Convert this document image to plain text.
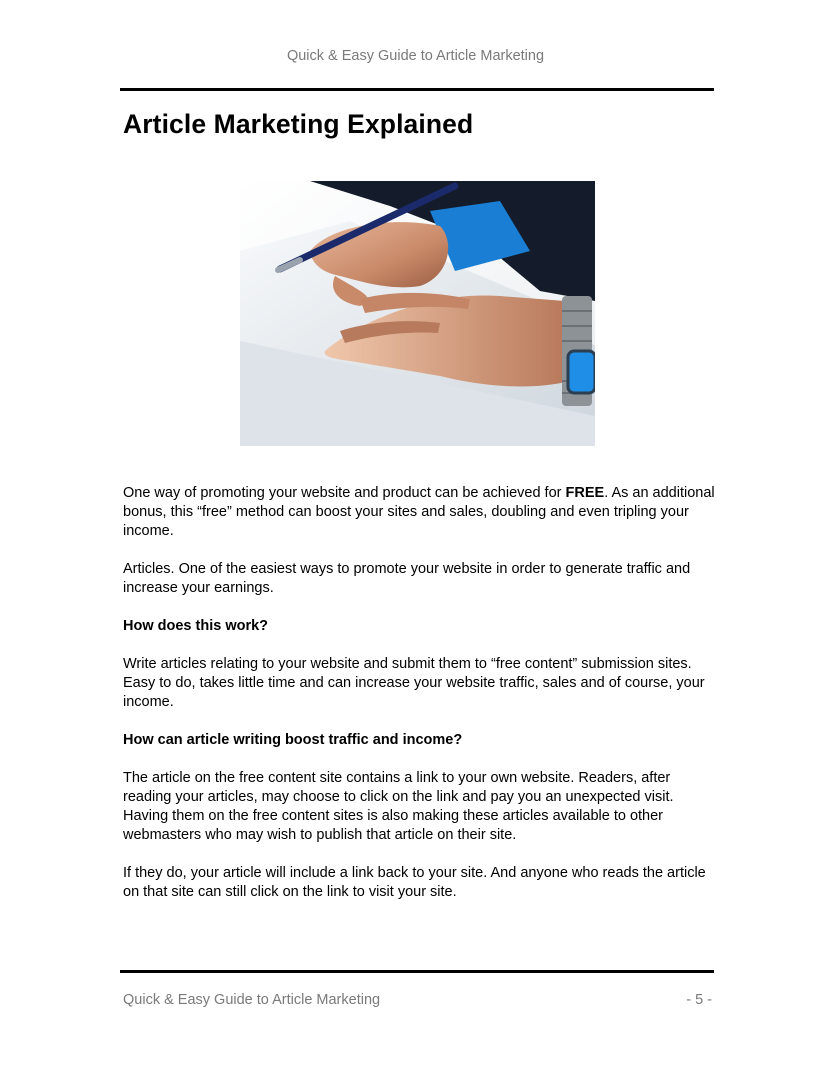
Quick & Easy Guide to Article Marketing
Article Marketing Explained

One way of promoting your website and product can be achieved for FREE. As an additional bonus, this “free” method can boost your sites and sales, doubling and even tripling your income.

Articles. One of the easiest ways to promote your website in order to generate traffic and increase your earnings.

How does this work?

Write articles relating to your website and submit them to “free content” submission sites. Easy to do, takes little time and can increase your website traffic, sales and of course, your income.

How can article writing boost traffic and income?

The article on the free content site contains a link to your own website. Readers, after reading your articles, may choose to click on the link and pay you an unexpected visit. Having them on the free content sites is also making these articles available to other webmasters who may wish to publish that article on their site.

If they do, your article will include a link back to your site. And anyone who reads the article on that site can still click on the link to visit your site.

Quick & Easy Guide to Article Marketing	- 5 -
